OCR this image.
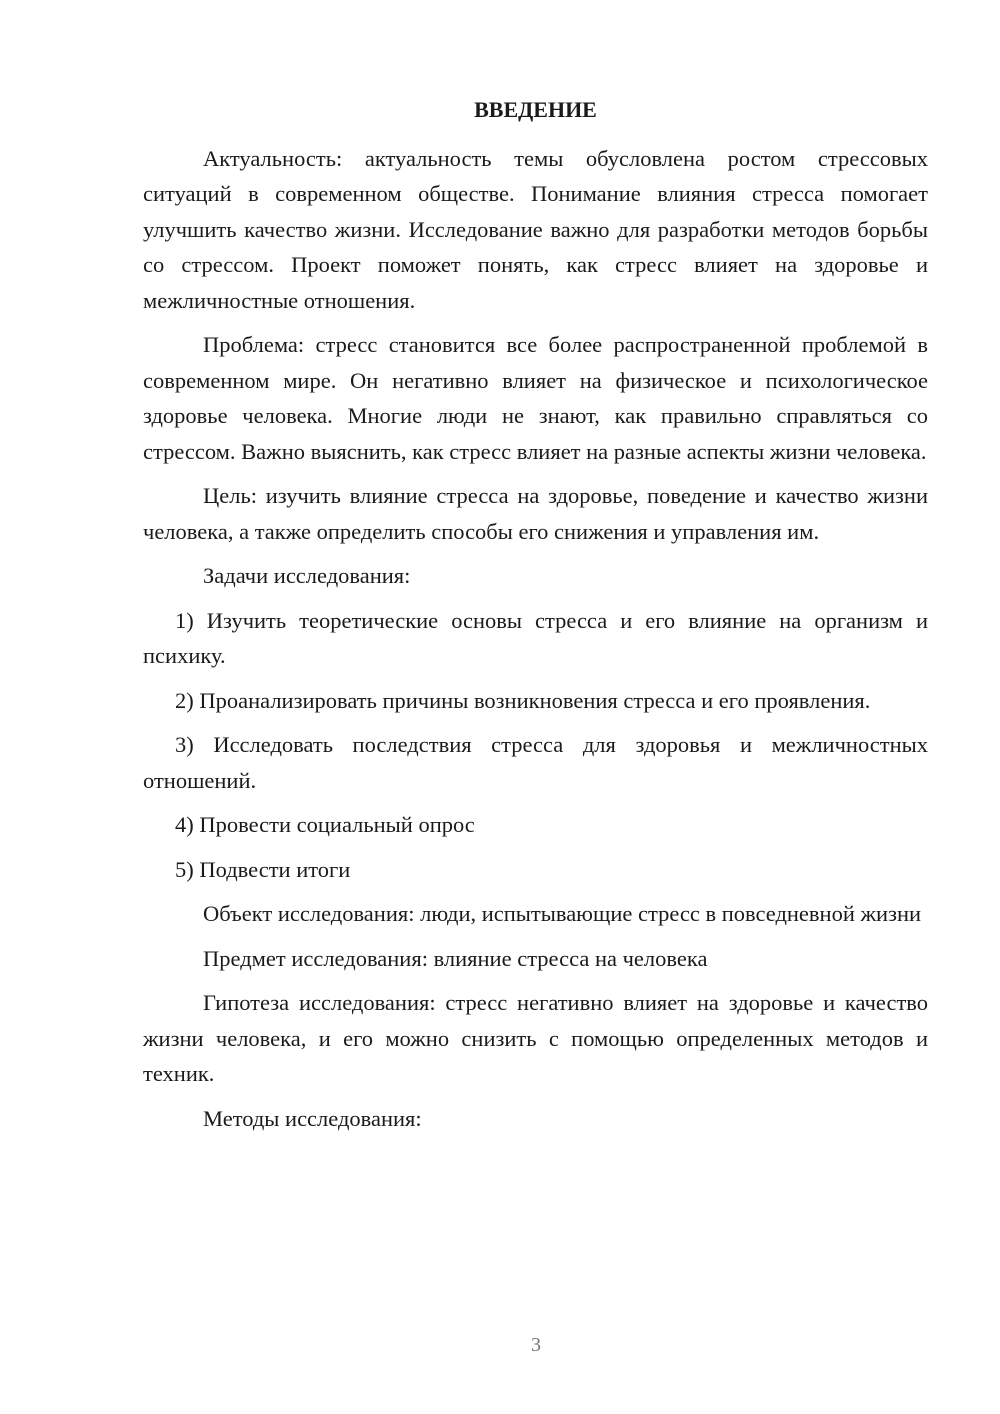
ВВЕДЕНИЕ

Актуальность: актуальность темы обусловлена ростом стрессовых ситуаций в современном обществе. Понимание влияния стресса помогает улучшить качество жизни. Исследование важно для разработки методов борьбы со стрессом. Проект поможет понять, как стресс влияет на здоровье и межличностные отношения.

Проблема: стресс становится все более распространенной проблемой в современном мире. Он негативно влияет на физическое и психологическое здоровье человека. Многие люди не знают, как правильно справляться со стрессом. Важно выяснить, как стресс влияет на разные аспекты жизни человека.

Цель: изучить влияние стресса на здоровье, поведение и качество жизни человека, а также определить способы его снижения и управления им.

Задачи исследования:

1) Изучить теоретические основы стресса и его влияние на организм и психику.

2) Проанализировать причины возникновения стресса и его проявления.

3) Исследовать последствия стресса для здоровья и межличностных отношений.

4) Провести социальный опрос

5) Подвести итоги

Объект исследования: люди, испытывающие стресс в повседневной жизни

Предмет исследования: влияние стресса на человека

Гипотеза исследования: стресс негативно влияет на здоровье и качество жизни человека, и его можно снизить с помощью определенных методов и техник.

Методы исследования:

3
